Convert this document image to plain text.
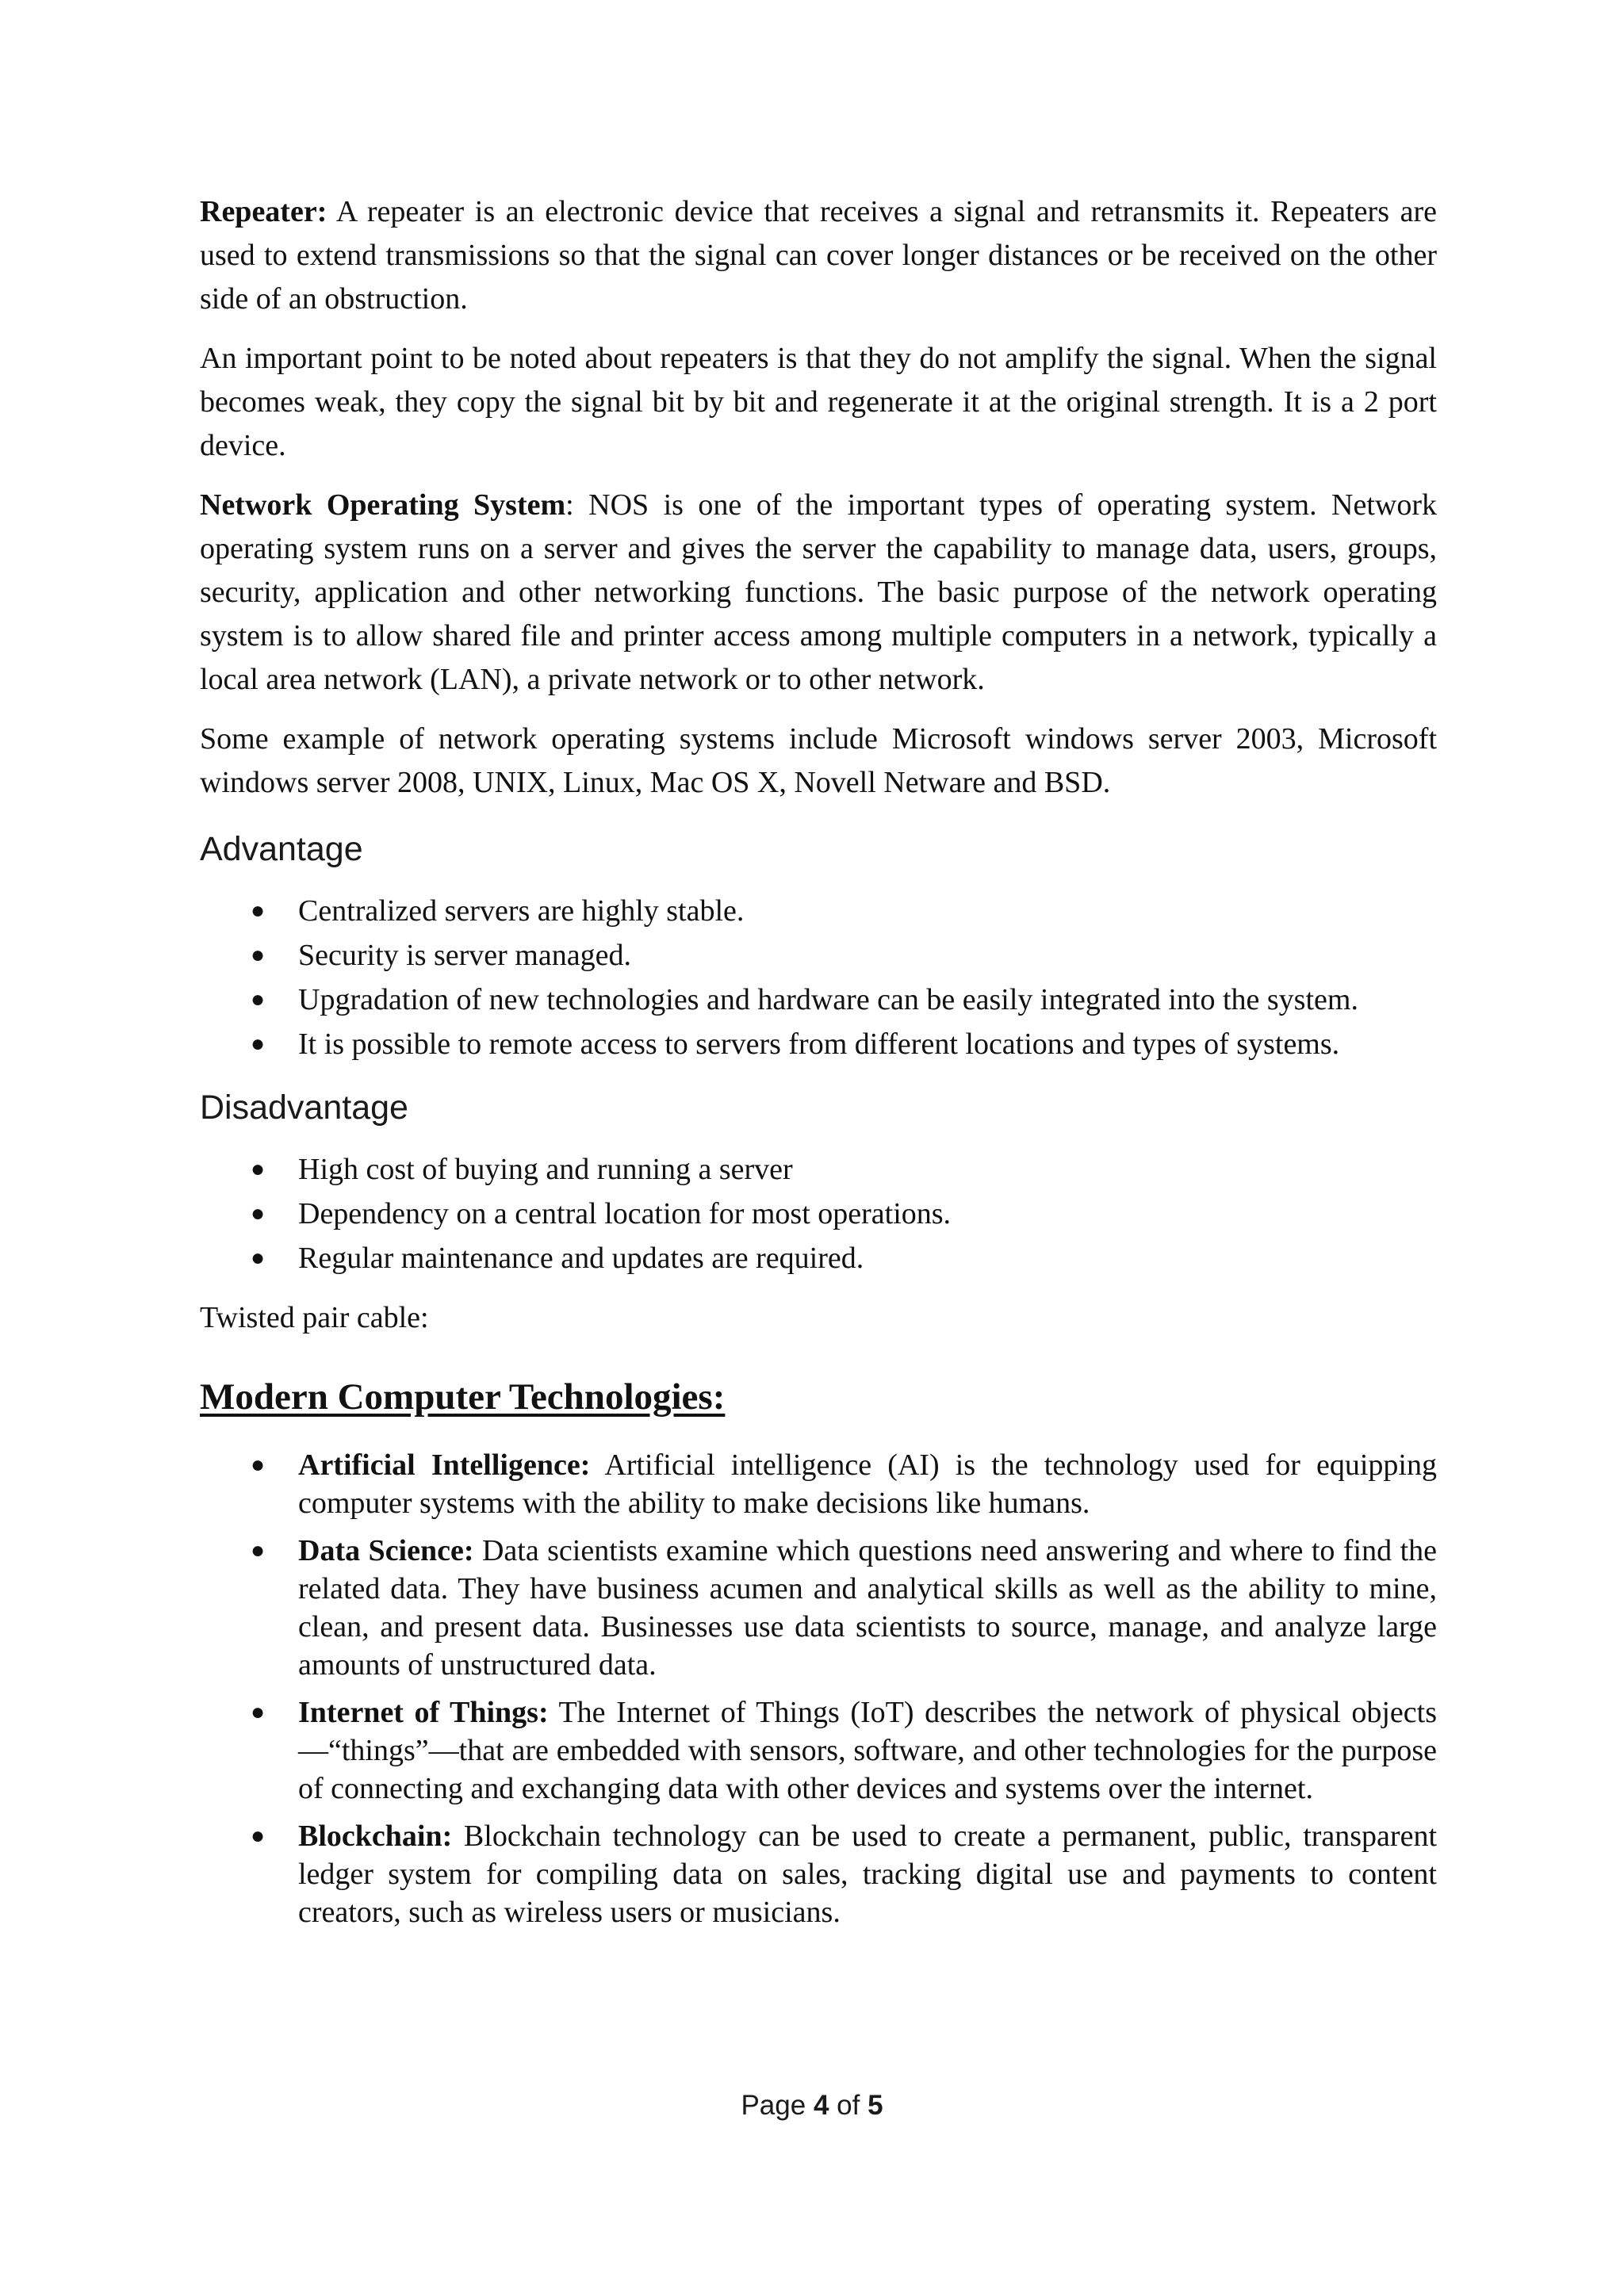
Repeater: A repeater is an electronic device that receives a signal and retransmits it. Repeaters are used to extend transmissions so that the signal can cover longer distances or be received on the other side of an obstruction.

An important point to be noted about repeaters is that they do not amplify the signal. When the signal becomes weak, they copy the signal bit by bit and regenerate it at the original strength. It is a 2 port device.

Network Operating System: NOS is one of the important types of operating system. Network operating system runs on a server and gives the server the capability to manage data, users, groups, security, application and other networking functions. The basic purpose of the network operating system is to allow shared file and printer access among multiple computers in a network, typically a local area network (LAN), a private network or to other network.

Some example of network operating systems include Microsoft windows server 2003, Microsoft windows server 2008, UNIX, Linux, Mac OS X, Novell Netware and BSD.

Advantage
● Centralized servers are highly stable.
● Security is server managed.
● Upgradation of new technologies and hardware can be easily integrated into the system.
● It is possible to remote access to servers from different locations and types of systems.
Disadvantage
● High cost of buying and running a server
● Dependency on a central location for most operations.
● Regular maintenance and updates are required.

Twisted pair cable:

Modern Computer Technologies:
● Artificial Intelligence: Artificial intelligence (AI) is the technology used for equipping computer systems with the ability to make decisions like humans.
● Data Science: Data scientists examine which questions need answering and where to find the related data. They have business acumen and analytical skills as well as the ability to mine, clean, and present data. Businesses use data scientists to source, manage, and analyze large amounts of unstructured data.
● Internet of Things: The Internet of Things (IoT) describes the network of physical objects—“things”—that are embedded with sensors, software, and other technologies for the purpose of connecting and exchanging data with other devices and systems over the internet.
● Blockchain: Blockchain technology can be used to create a permanent, public, transparent ledger system for compiling data on sales, tracking digital use and payments to content creators, such as wireless users or musicians.
Page 4 of 5
